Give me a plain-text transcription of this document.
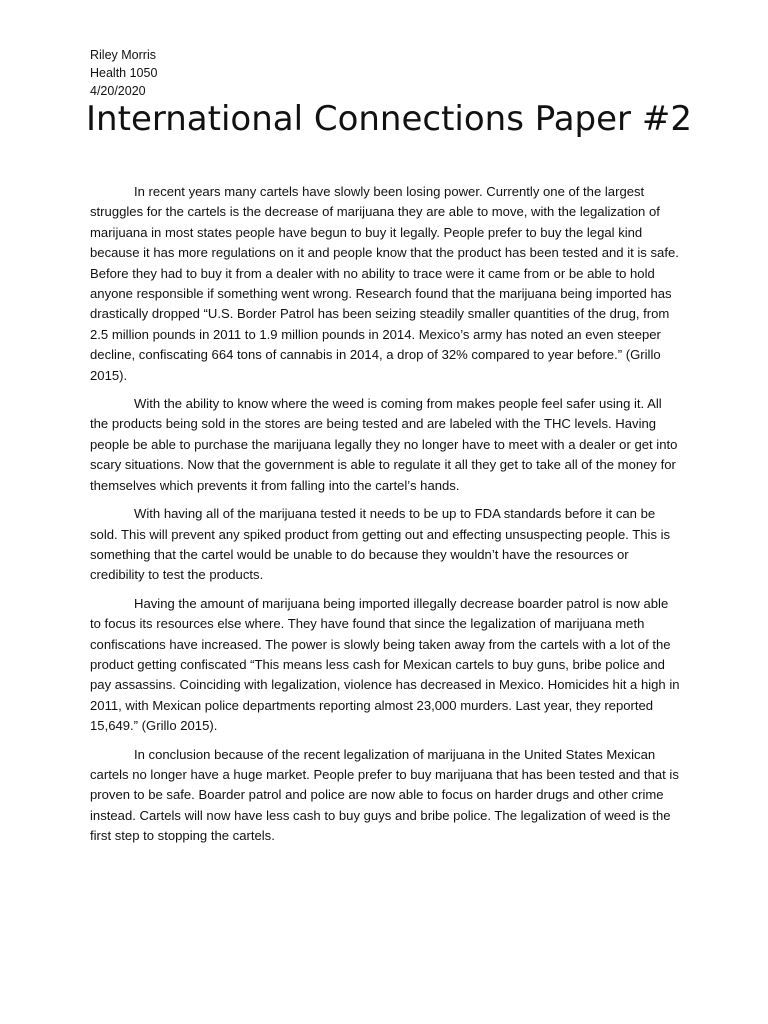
Riley Morris
Health 1050
4/20/2020
International Connections Paper #2

In recent years many cartels have slowly been losing power. Currently one of the largest struggles for the cartels is the decrease of marijuana they are able to move, with the legalization of marijuana in most states people have begun to buy it legally. People prefer to buy the legal kind because it has more regulations on it and people know that the product has been tested and it is safe. Before they had to buy it from a dealer with no ability to trace were it came from or be able to hold anyone responsible if something went wrong. Research found that the marijuana being imported has drastically dropped “U.S. Border Patrol has been seizing steadily smaller quantities of the drug, from 2.5 million pounds in 2011 to 1.9 million pounds in 2014. Mexico’s army has noted an even steeper decline, confiscating 664 tons of cannabis in 2014, a drop of 32% compared to year before.” (Grillo 2015).

With the ability to know where the weed is coming from makes people feel safer using it. All the products being sold in the stores are being tested and are labeled with the THC levels. Having people be able to purchase the marijuana legally they no longer have to meet with a dealer or get into scary situations. Now that the government is able to regulate it all they get to take all of the money for themselves which prevents it from falling into the cartel’s hands.

With having all of the marijuana tested it needs to be up to FDA standards before it can be sold. This will prevent any spiked product from getting out and effecting unsuspecting people. This is something that the cartel would be unable to do because they wouldn’t have the resources or credibility to test the products.

Having the amount of marijuana being imported illegally decrease boarder patrol is now able to focus its resources else where. They have found that since the legalization of marijuana meth confiscations have increased. The power is slowly being taken away from the cartels with a lot of the product getting confiscated “This means less cash for Mexican cartels to buy guns, bribe police and pay assassins. Coinciding with legalization, violence has decreased in Mexico. Homicides hit a high in 2011, with Mexican police departments reporting almost 23,000 murders. Last year, they reported 15,649.” (Grillo 2015).

In conclusion because of the recent legalization of marijuana in the United States Mexican cartels no longer have a huge market. People prefer to buy marijuana that has been tested and that is proven to be safe. Boarder patrol and police are now able to focus on harder drugs and other crime instead. Cartels will now have less cash to buy guys and bribe police. The legalization of weed is the first step to stopping the cartels.
